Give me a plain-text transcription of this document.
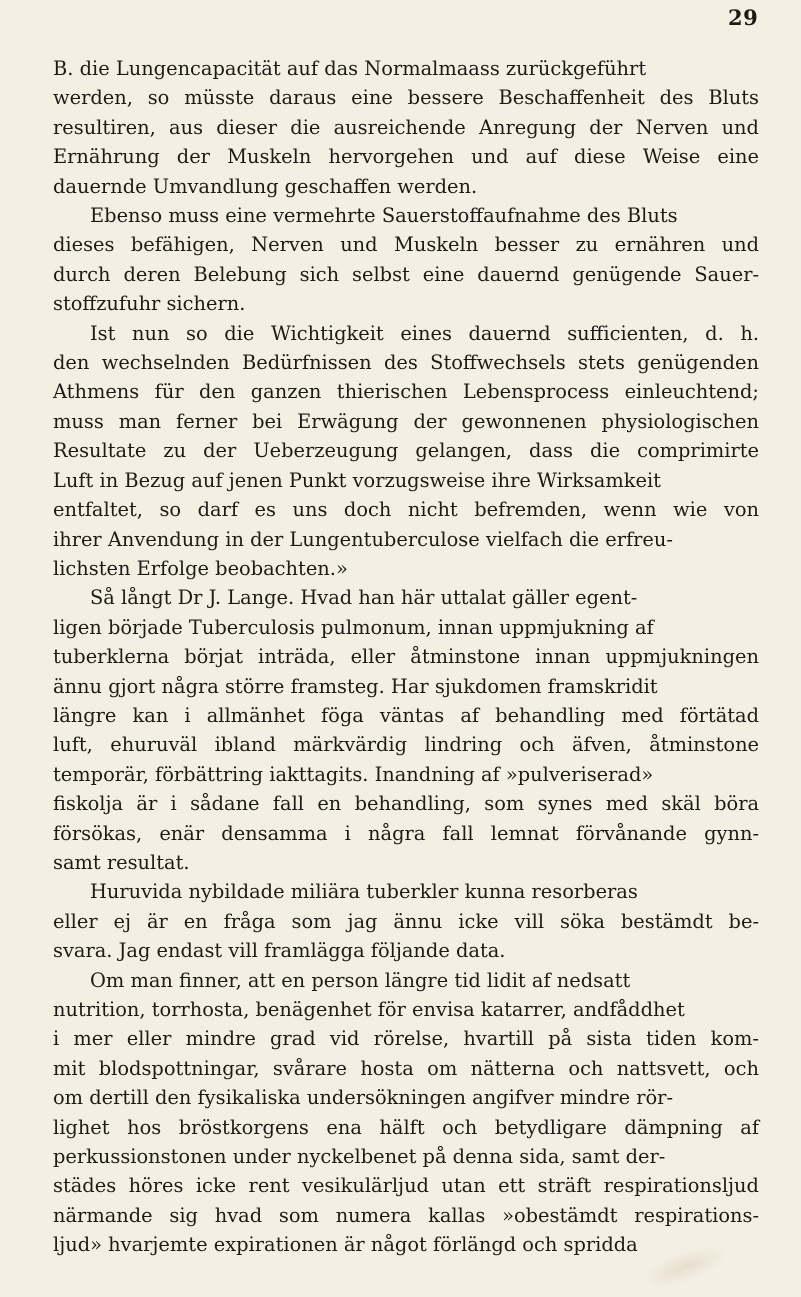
29
B. die Lungencapacität auf das Normalmaass zurückgeführt
werden, so müsste daraus eine bessere Beschaffenheit des Bluts
resultiren, aus dieser die ausreichende Anregung der Nerven und
Ernährung der Muskeln hervorgehen und auf diese Weise eine
dauernde Umvandlung geschaffen werden.
Ebenso muss eine vermehrte Sauerstoffaufnahme des Bluts
dieses befähigen, Nerven und Muskeln besser zu ernähren und
durch deren Belebung sich selbst eine dauernd genügende Sauer-
stoffzufuhr sichern.
Ist nun so die Wichtigkeit eines dauernd sufficienten, d. h.
den wechselnden Bedürfnissen des Stoffwechsels stets genügenden
Athmens für den ganzen thierischen Lebensprocess einleuchtend;
muss man ferner bei Erwägung der gewonnenen physiologischen
Resultate zu der Ueberzeugung gelangen, dass die comprimirte
Luft in Bezug auf jenen Punkt vorzugsweise ihre Wirksamkeit
entfaltet, so darf es uns doch nicht befremden, wenn wie von
ihrer Anvendung in der Lungentuberculose vielfach die erfreu-
lichsten Erfolge beobachten.»
Så långt Dr J. Lange. Hvad han här uttalat gäller egent-
ligen började Tuberculosis pulmonum, innan uppmjukning af
tuberklerna börjat inträda, eller åtminstone innan uppmjukningen
ännu gjort några större framsteg. Har sjukdomen framskridit
längre kan i allmänhet föga väntas af behandling med förtätad
luft, ehuruväl ibland märkvärdig lindring och äfven, åtminstone
temporär, förbättring iakttagits. Inandning af »pulveriserad»
fiskolja är i sådane fall en behandling, som synes med skäl böra
försökas, enär densamma i några fall lemnat förvånande gynn-
samt resultat.
Huruvida nybildade miliära tuberkler kunna resorberas
eller ej är en fråga som jag ännu icke vill söka bestämdt be-
svara. Jag endast vill framlägga följande data.
Om man finner, att en person längre tid lidit af nedsatt
nutrition, torrhosta, benägenhet för envisa katarrer, andfåddhet
i mer eller mindre grad vid rörelse, hvartill på sista tiden kom-
mit blodspottningar, svårare hosta om nätterna och nattsvett, och
om dertill den fysikaliska undersökningen angifver mindre rör-
lighet hos bröstkorgens ena hälft och betydligare dämpning af
perkussionstonen under nyckelbenet på denna sida, samt der-
städes höres icke rent vesikulärljud utan ett sträft respirationsljud
närmande sig hvad som numera kallas »obestämdt respirations-
ljud» hvarjemte expirationen är något förlängd och spridda
